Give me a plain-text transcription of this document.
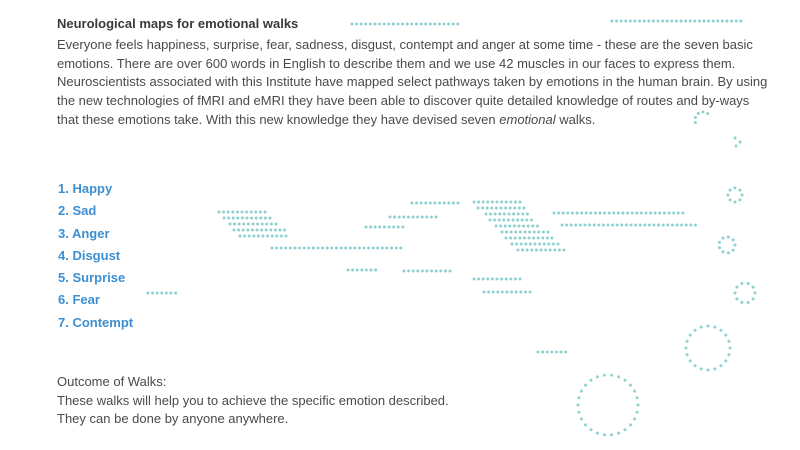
Neurological maps for emotional walks

Everyone feels happiness, surprise, fear, sadness, disgust, contempt and anger at some time - these are the seven basic emotions. There are over 600 words in English to describe them and we use 42 muscles in our faces to express them. Neuroscientists associated with this Institute have mapped select pathways taken by emotions in the human brain. By using the new technologies of fMRI and eMRI they have been able to discover quite detailed knowledge of routes and by-ways that these emotions take. With this new knowledge they have devised seven emotional walks.

1. Happy
2. Sad
3. Anger
4. Disgust
5. Surprise
6. Fear
7. Contempt

Outcome of Walks:

These walks will help you to achieve the specific emotion described.

They can be done by anyone anywhere.
